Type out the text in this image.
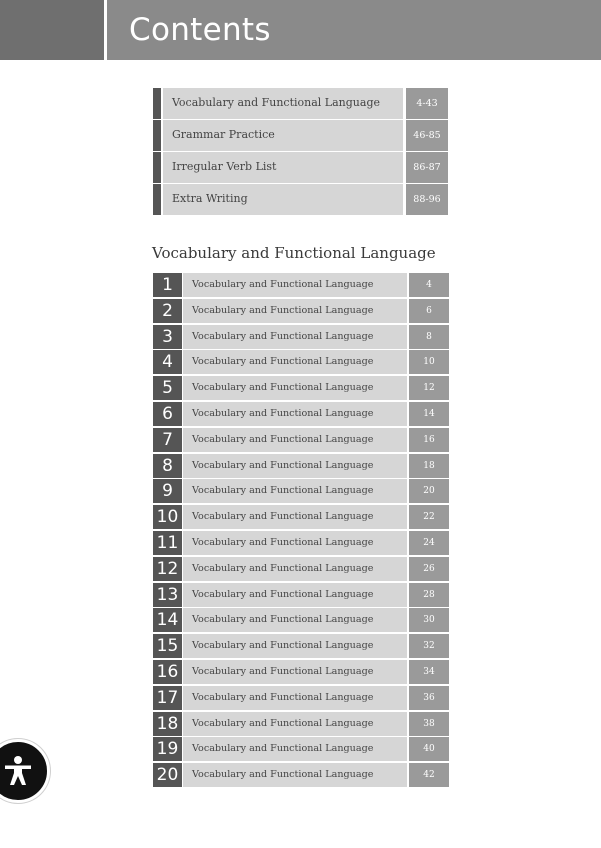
Contents
Vocabulary and Functional Language	4-43
Grammar Practice	46-85
Irregular Verb List	86-87
Extra Writing	88-96
Vocabulary and Functional Language
1	Vocabulary and Functional Language	4
2	Vocabulary and Functional Language	6
3	Vocabulary and Functional Language	8
4	Vocabulary and Functional Language	10
5	Vocabulary and Functional Language	12
6	Vocabulary and Functional Language	14
7	Vocabulary and Functional Language	16
8	Vocabulary and Functional Language	18
9	Vocabulary and Functional Language	20
10	Vocabulary and Functional Language	22
11	Vocabulary and Functional Language	24
12	Vocabulary and Functional Language	26
13	Vocabulary and Functional Language	28
14	Vocabulary and Functional Language	30
15	Vocabulary and Functional Language	32
16	Vocabulary and Functional Language	34
17	Vocabulary and Functional Language	36
18	Vocabulary and Functional Language	38
19	Vocabulary and Functional Language	40
20	Vocabulary and Functional Language	42
